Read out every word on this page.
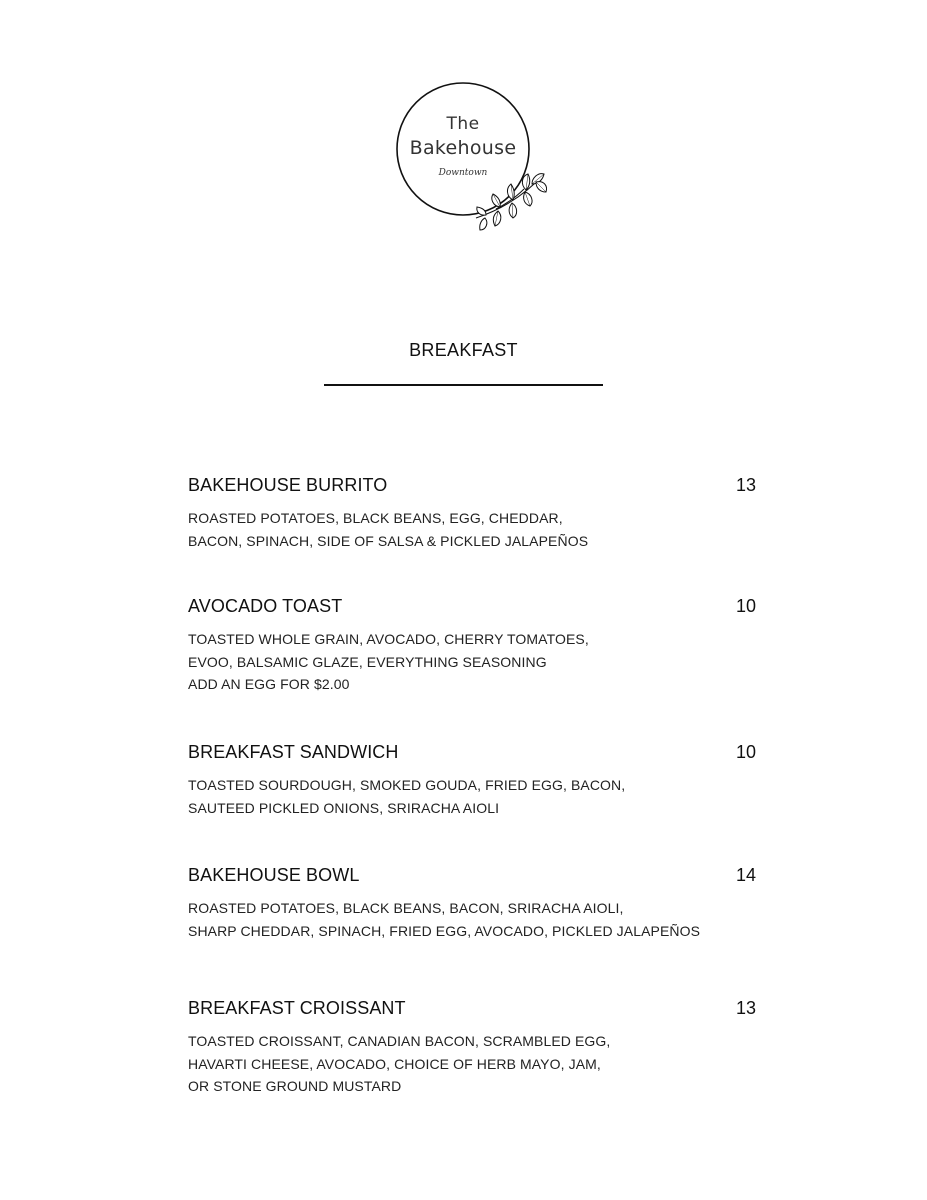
The
Bakehouse
Downtown
BREAKFAST
BAKEHOUSE BURRITO	13
ROASTED POTATOES, BLACK BEANS, EGG, CHEDDAR,
BACON, SPINACH, SIDE OF SALSA & PICKLED JALAPEÑOS
AVOCADO TOAST	10
TOASTED WHOLE GRAIN, AVOCADO, CHERRY TOMATOES,
EVOO, BALSAMIC GLAZE, EVERYTHING SEASONING
ADD AN EGG FOR $2.00
BREAKFAST SANDWICH	10
TOASTED SOURDOUGH, SMOKED GOUDA, FRIED EGG, BACON,
SAUTEED PICKLED ONIONS, SRIRACHA AIOLI
BAKEHOUSE BOWL	14
ROASTED POTATOES, BLACK BEANS, BACON, SRIRACHA AIOLI,
SHARP CHEDDAR, SPINACH, FRIED EGG, AVOCADO, PICKLED JALAPEÑOS
BREAKFAST CROISSANT	13
TOASTED CROISSANT, CANADIAN BACON, SCRAMBLED EGG,
HAVARTI CHEESE, AVOCADO, CHOICE OF HERB MAYO, JAM,
OR STONE GROUND MUSTARD
